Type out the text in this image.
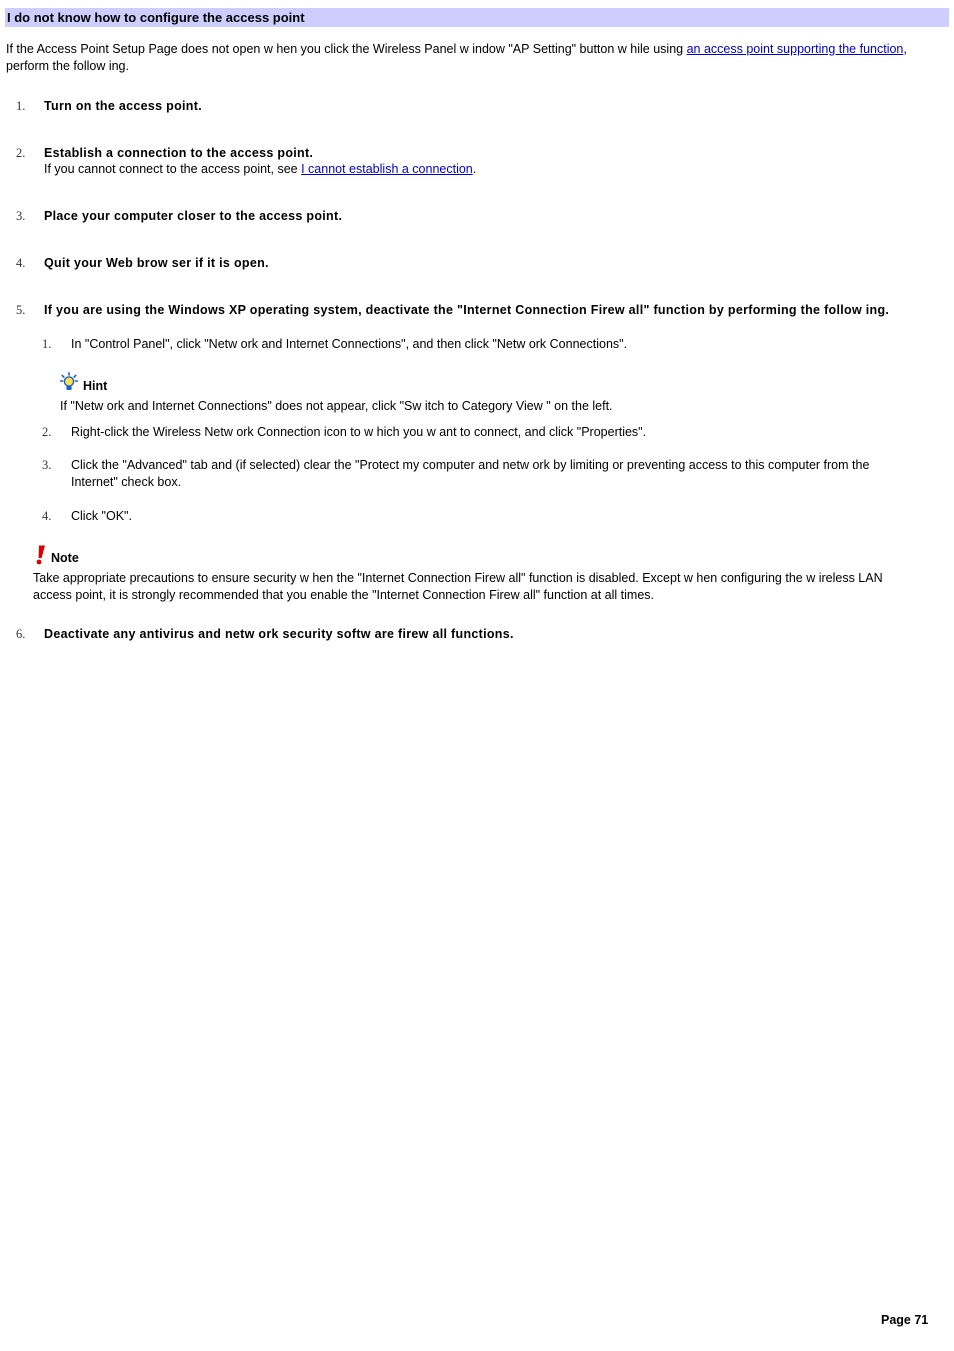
I do not know how to configure the access point
If the Access Point Setup Page does not open w hen you click the Wireless Panel w indow "AP Setting" button w hile using an access point supporting the function,
perform the follow ing.
1. Turn on the access point.
2. Establish a connection to the access point.
If you cannot connect to the access point, see I cannot establish a connection.
3. Place your computer closer to the access point.
4. Quit your Web brow ser if it is open.
5. If you are using the Windows XP operating system, deactivate the "Internet Connection Firew all" function by performing the follow ing.
1. In "Control Panel", click "Netw ork and Internet Connections", and then click "Netw ork Connections".
Hint
If "Netw ork and Internet Connections" does not appear, click "Sw itch to Category View " on the left.
2. Right-click the Wireless Netw ork Connection icon to w hich you w ant to connect, and click "Properties".
3. Click the "Advanced" tab and (if selected) clear the "Protect my computer and netw ork by limiting or preventing access to this computer from the
Internet" check box.
4. Click "OK".
Note
Take appropriate precautions to ensure security w hen the "Internet Connection Firew all" function is disabled. Except w hen configuring the w ireless LAN
access point, it is strongly recommended that you enable the "Internet Connection Firew all" function at all times.
6. Deactivate any antivirus and netw ork security softw are firew all functions.
Page 71
